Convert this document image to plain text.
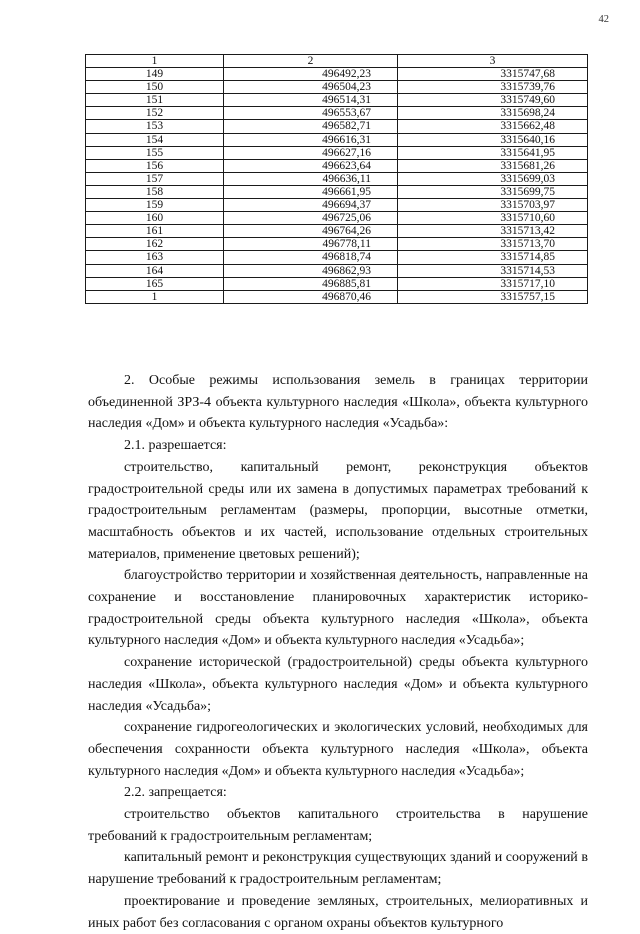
42
1	2	3
149	496492,23	3315747,68
150	496504,23	3315739,76
151	496514,31	3315749,60
152	496553,67	3315698,24
153	496582,71	3315662,48
154	496616,31	3315640,16
155	496627,16	3315641,95
156	496623,64	3315681,26
157	496636,11	3315699,03
158	496661,95	3315699,75
159	496694,37	3315703,97
160	496725,06	3315710,60
161	496764,26	3315713,42
162	496778,11	3315713,70
163	496818,74	3315714,85
164	496862,93	3315714,53
165	496885,81	3315717,10
1	496870,46	3315757,15

2. Особые режимы использования земель в границах территории объединенной ЗРЗ-4 объекта культурного наследия «Школа», объекта культурного наследия «Дом» и объекта культурного наследия «Усадьба»:

2.1. разрешается:

строительство, капитальный ремонт, реконструкция объектов градостроительной среды или их замена в допустимых параметрах требований к градостроительным регламентам (размеры, пропорции, высотные отметки, масштабность объектов и их частей, использование отдельных строительных материалов, применение цветовых решений);

благоустройство территории и хозяйственная деятельность, направленные на сохранение и восстановление планировочных характеристик историко-градостроительной среды объекта культурного наследия «Школа», объекта культурного наследия «Дом» и объекта культурного наследия «Усадьба»;

сохранение исторической (градостроительной) среды объекта культурного наследия «Школа», объекта культурного наследия «Дом» и объекта культурного наследия «Усадьба»;

сохранение гидрогеологических и экологических условий, необходимых для обеспечения сохранности объекта культурного наследия «Школа», объекта культурного наследия «Дом» и объекта культурного наследия «Усадьба»;

2.2. запрещается:

строительство объектов капитального строительства в нарушение требований к градостроительным регламентам;

капитальный ремонт и реконструкция существующих зданий и сооружений в нарушение требований к градостроительным регламентам;

проектирование и проведение земляных, строительных, мелиоративных и иных работ без согласования с органом охраны объектов культурного
